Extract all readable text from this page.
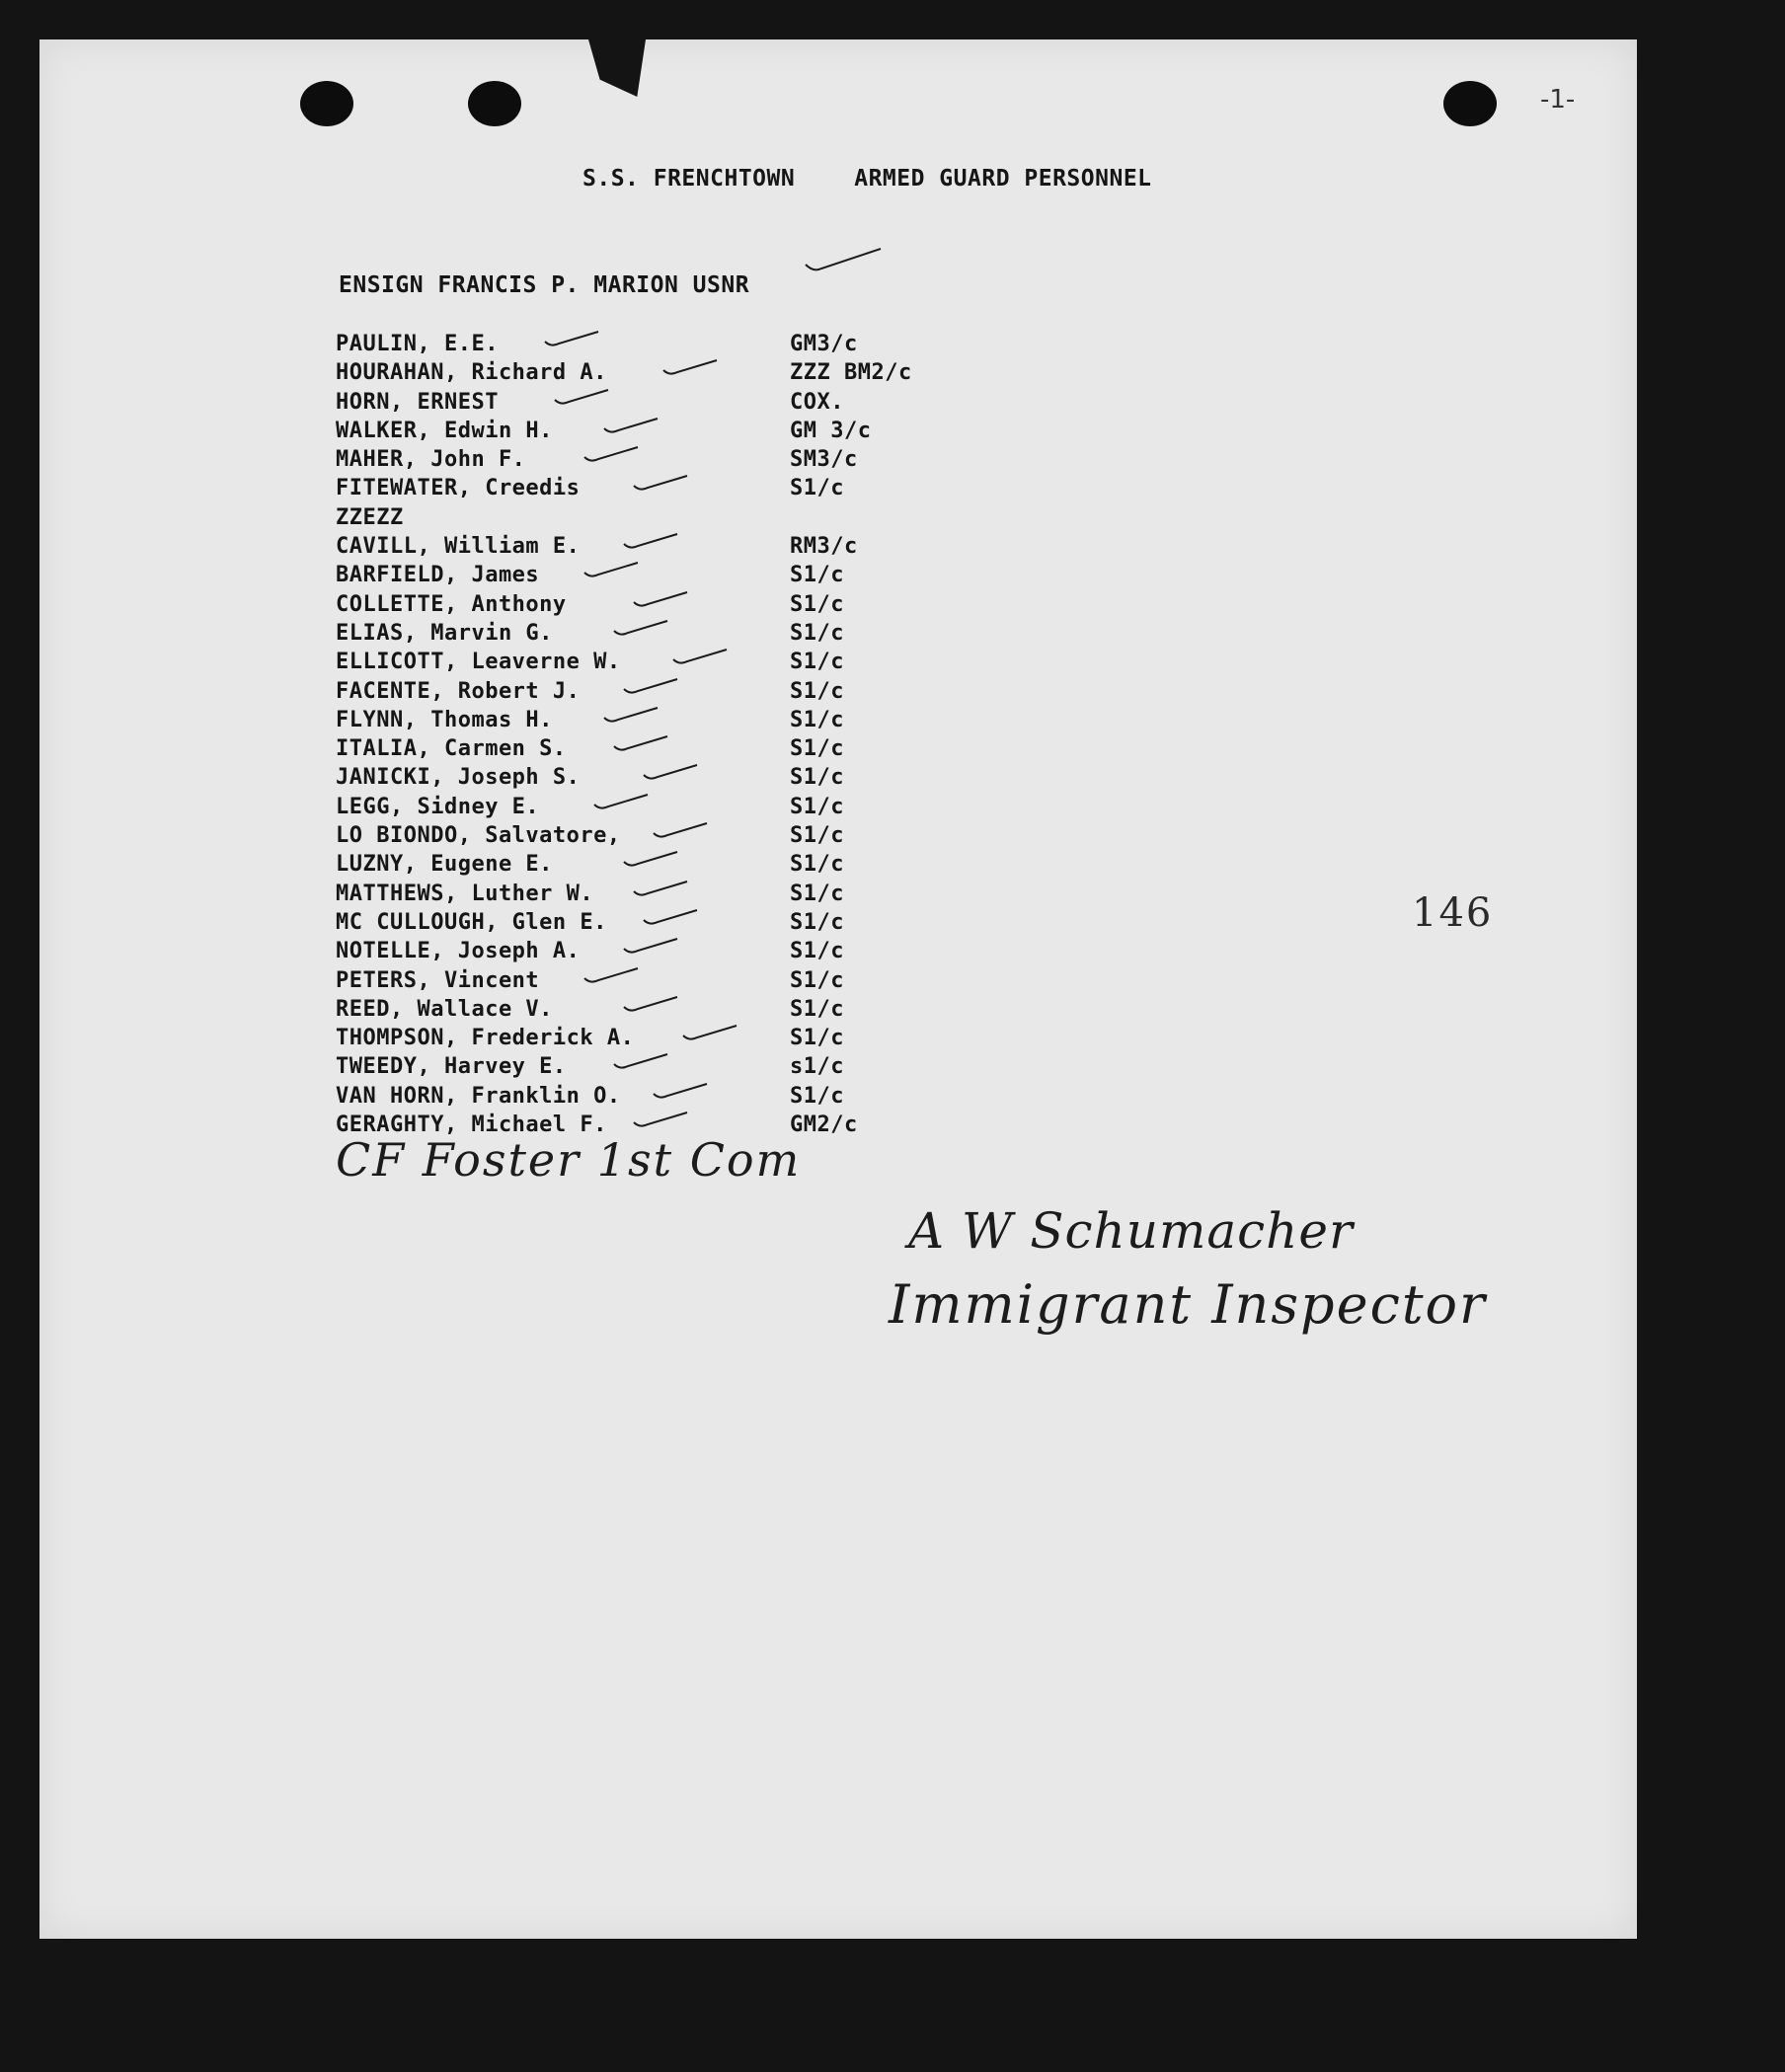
-1-
S.S. FRENCHTOWN	ARMED GUARD PERSONNEL
ENSIGN FRANCIS P. MARION USNR
PAULIN, E.E.	GM3/c
HOURAHAN, Richard A.	ZZZ BM2/c
HORN, ERNEST	COX.
WALKER, Edwin H.	GM 3/c
MAHER, John F.	SM3/c
FITEWATER, Creedis	S1/c
ZZEZZ
CAVILL, William E.	RM3/c
BARFIELD, James	S1/c
COLLETTE, Anthony	S1/c
ELIAS, Marvin G.	S1/c
ELLICOTT, Leaverne W.	S1/c
FACENTE, Robert J.	S1/c
FLYNN, Thomas H.	S1/c
ITALIA, Carmen S.	S1/c
JANICKI, Joseph S.	S1/c
LEGG, Sidney E.	S1/c
LO BIONDO, Salvatore,	S1/c
LUZNY, Eugene E.	S1/c
MATTHEWS, Luther W.	S1/c
MC CULLOUGH, Glen E.	S1/c
NOTELLE, Joseph A.	S1/c
PETERS, Vincent	S1/c
REED, Wallace V.	S1/c
THOMPSON, Frederick A.	S1/c
TWEEDY, Harvey E.	s1/c
VAN HORN, Franklin O.	S1/c
GERAGHTY, Michael F.	GM2/c
146
CF Foster 1st Com
A W Schumacher
Immigrant Inspector
